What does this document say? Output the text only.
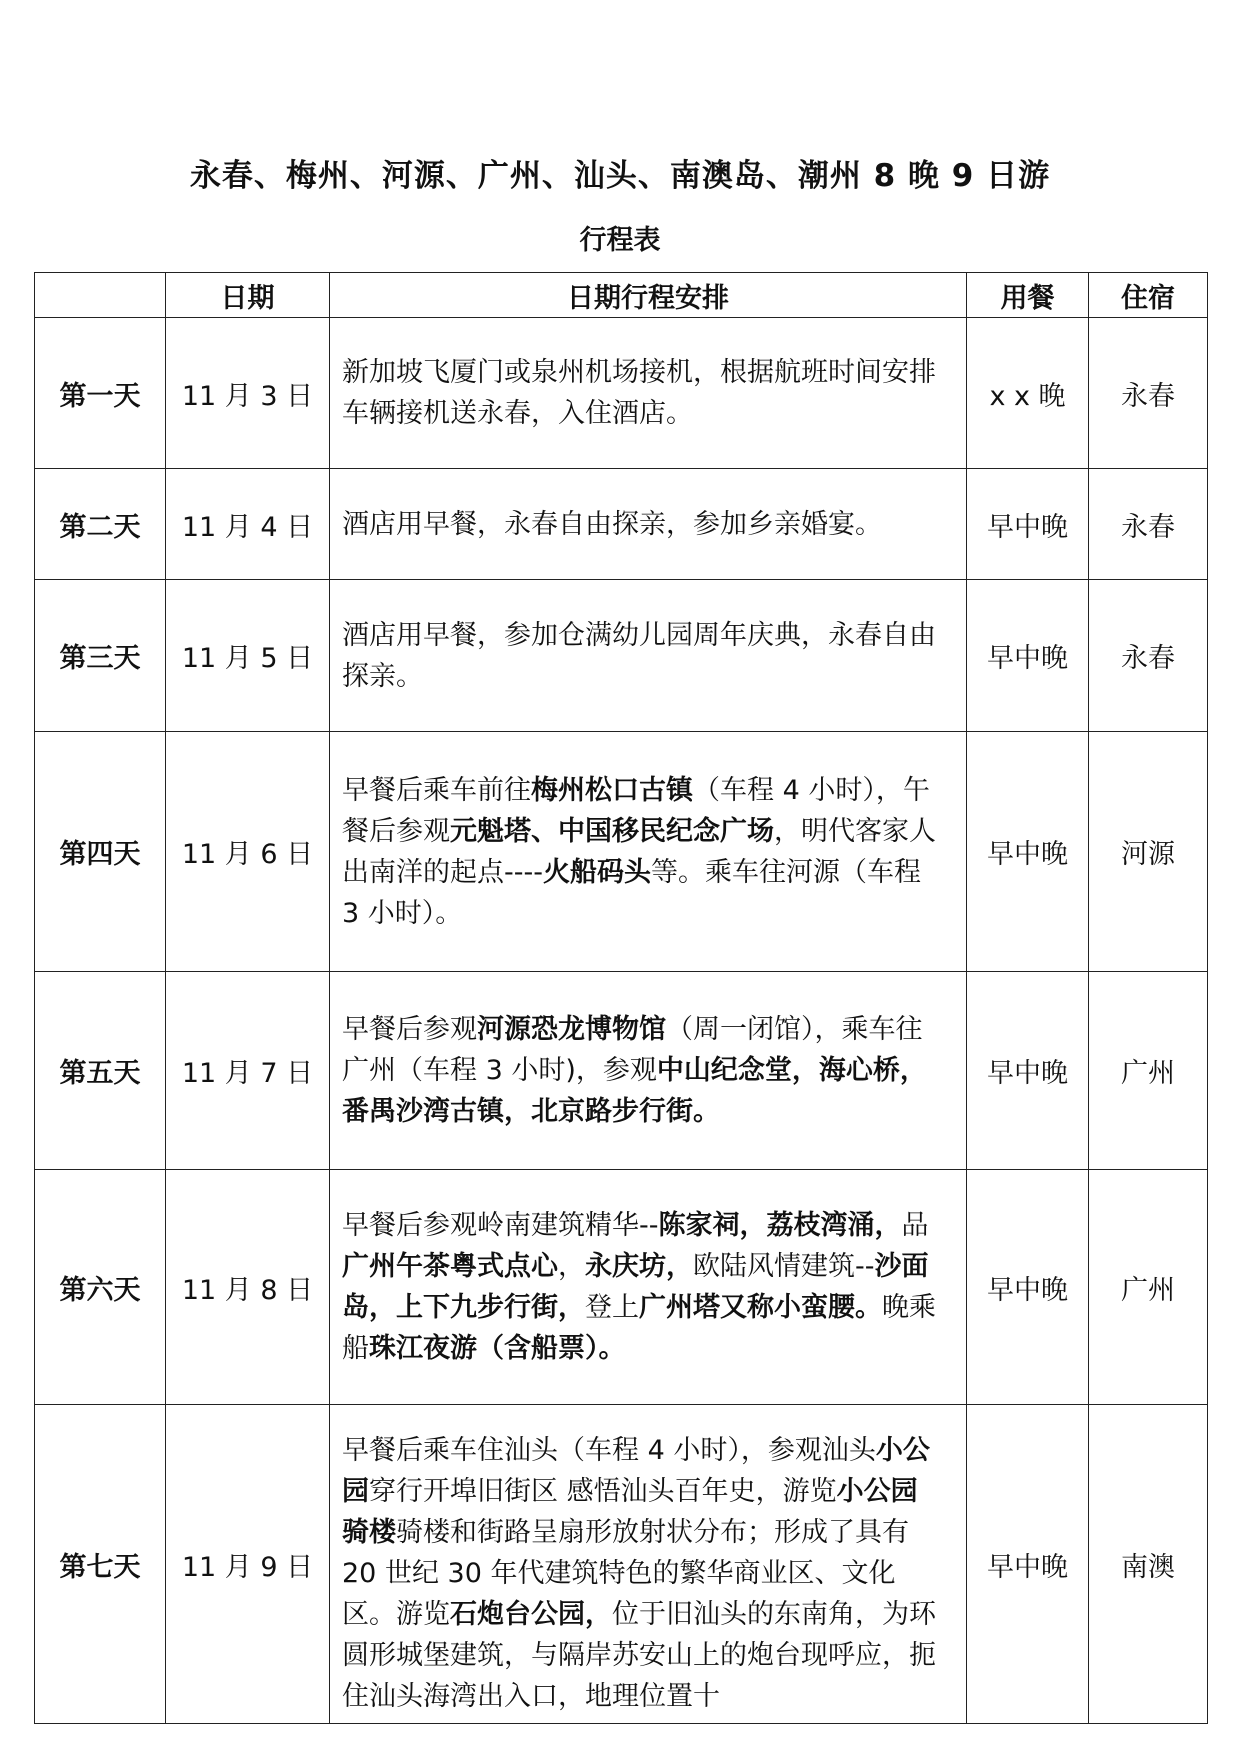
永春、梅州、河源、广州、汕头、南澳岛、潮州 8 晚 9 日游
行程表
	日期	日期行程安排	用餐	住宿
第一天	11 月 3 日	新加坡飞厦门或泉州机场接机，根据航班时间安排车辆接机送永春，入住酒店。	x x 晚	永春
第二天	11 月 4 日	酒店用早餐，永春自由探亲，参加乡亲婚宴。	早中晚	永春
第三天	11 月 5 日	酒店用早餐，参加仓满幼儿园周年庆典，永春自由探亲。	早中晚	永春
第四天	11 月 6 日	早餐后乘车前往梅州松口古镇（车程 4 小时），午餐后参观元魁塔、中国移民纪念广场，明代客家人出南洋的起点----火船码头等。乘车往河源（车程 3 小时）。	早中晚	河源
第五天	11 月 7 日	早餐后参观河源恐龙博物馆（周一闭馆），乘车往广州（车程 3 小时)，参观中山纪念堂，海心桥，番禺沙湾古镇，北京路步行街。	早中晚	广州
第六天	11 月 8 日	早餐后参观岭南建筑精华--陈家祠，荔枝湾涌，品广州午茶粤式点心，永庆坊，欧陆风情建筑--沙面岛，上下九步行街，登上广州塔又称小蛮腰。晚乘船珠江夜游（含船票）。	早中晚	广州
第七天	11 月 9 日	早餐后乘车住汕头（车程 4 小时），参观汕头小公园穿行开埠旧街区 感悟汕头百年史，游览小公园骑楼骑楼和街路呈扇形放射状分布；形成了具有 20 世纪 30 年代建筑特色的繁华商业区、文化区。游览石炮台公园，位于旧汕头的东南角，为环圆形城堡建筑，与隔岸苏安山上的炮台现呼应，扼住汕头海湾出入口，地理位置十	早中晚	南澳
